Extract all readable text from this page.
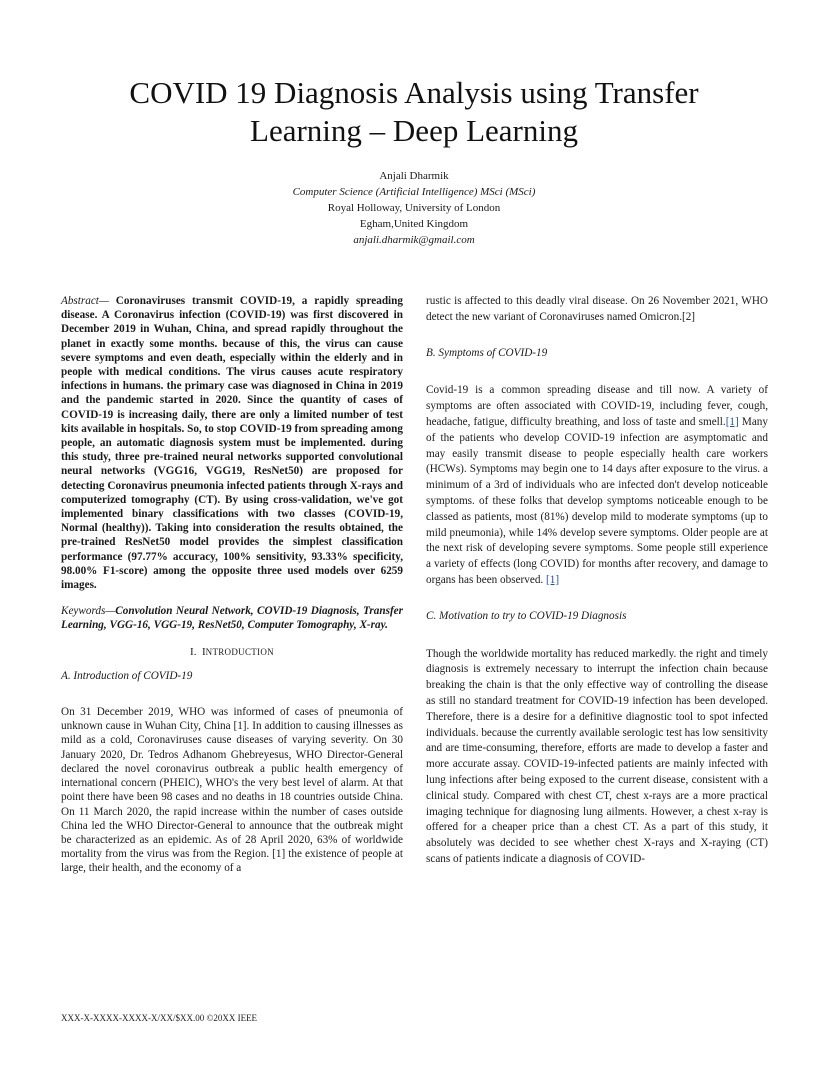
COVID 19 Diagnosis Analysis using Transfer
Learning – Deep Learning
Anjali Dharmik
Computer Science (Artificial Intelligence) MSci (MSci)
Royal Holloway, University of London
Egham,United Kingdom
anjali.dharmik@gmail.com

Abstract— Coronaviruses transmit COVID-19, a rapidly spreading disease. A Coronavirus infection (COVID-19) was first discovered in December 2019 in Wuhan, China, and spread rapidly throughout the planet in exactly some months. because of this, the virus can cause severe symptoms and even death, especially within the elderly and in people with medical conditions. The virus causes acute respiratory infections in humans. the primary case was diagnosed in China in 2019 and the pandemic started in 2020. Since the quantity of cases of COVID-19 is increasing daily, there are only a limited number of test kits available in hospitals. So, to stop COVID-19 from spreading among people, an automatic diagnosis system must be implemented. during this study, three pre-trained neural networks supported convolutional neural networks (VGG16, VGG19, ResNet50) are proposed for detecting Coronavirus pneumonia infected patients through X-rays and computerized tomography (CT). By using cross-validation, we've got implemented binary classifications with two classes (COVID-19, Normal (healthy)). Taking into consideration the results obtained, the pre-trained ResNet50 model provides the simplest classification performance (97.77% accuracy, 100% sensitivity, 93.33% specificity, 98.00% F1-score) among the opposite three used models over 6259 images.

Keywords—Convolution Neural Network, COVID-19 Diagnosis, Transfer Learning, VGG-16, VGG-19, ResNet50, Computer Tomography, X-ray.

I. INTRODUCTION
A. Introduction of COVID-19

On 31 December 2019, WHO was informed of cases of pneumonia of unknown cause in Wuhan City, China [1]. In addition to causing illnesses as mild as a cold, Coronaviruses cause diseases of varying severity. On 30 January 2020, Dr. Tedros Adhanom Ghebreyesus, WHO Director-General declared the novel coronavirus outbreak a public health emergency of international concern (PHEIC), WHO's the very best level of alarm. At that point there have been 98 cases and no deaths in 18 countries outside China. On 11 March 2020, the rapid increase within the number of cases outside China led the WHO Director-General to announce that the outbreak might be characterized as an epidemic. As of 28 April 2020, 63% of worldwide mortality from the virus was from the Region. [1] the existence of people at large, their health, and the economy of a

rustic is affected to this deadly viral disease. On 26 November 2021, WHO detect the new variant of Coronaviruses named Omicron.[2]

B. Symptoms of COVID-19

Covid-19 is a common spreading disease and till now. A variety of symptoms are often associated with COVID-19, including fever, cough, headache, fatigue, difficulty breathing, and loss of taste and smell.[1] Many of the patients who develop COVID-19 infection are asymptomatic and may easily transmit disease to people especially health care workers (HCWs). Symptoms may begin one to 14 days after exposure to the virus. a minimum of a 3rd of individuals who are infected don't develop noticeable symptoms. of these folks that develop symptoms noticeable enough to be classed as patients, most (81%) develop mild to moderate symptoms (up to mild pneumonia), while 14% develop severe symptoms. Older people are at the next risk of developing severe symptoms. Some people still experience a variety of effects (long COVID) for months after recovery, and damage to organs has been observed. [1]

C. Motivation to try to COVID-19 Diagnosis

Though the worldwide mortality has reduced markedly. the right and timely diagnosis is extremely necessary to interrupt the infection chain because breaking the chain is that the only effective way of controlling the disease as still no standard treatment for COVID-19 infection has been developed. Therefore, there is a desire for a definitive diagnostic tool to spot infected individuals. because the currently available serologic test has low sensitivity and are time-consuming, therefore, efforts are made to develop a faster and more accurate assay. COVID-19-infected patients are mainly infected with lung infections after being exposed to the current disease, consistent with a clinical study. Compared with chest CT, chest x-rays are a more practical imaging technique for diagnosing lung ailments. However, a chest x-ray is offered for a cheaper price than a chest CT. As a part of this study, it absolutely was decided to see whether chest X-rays and X-raying (CT) scans of patients indicate a diagnosis of COVID-

XXX-X-XXXX-XXXX-X/XX/$XX.00 ©20XX IEEE
